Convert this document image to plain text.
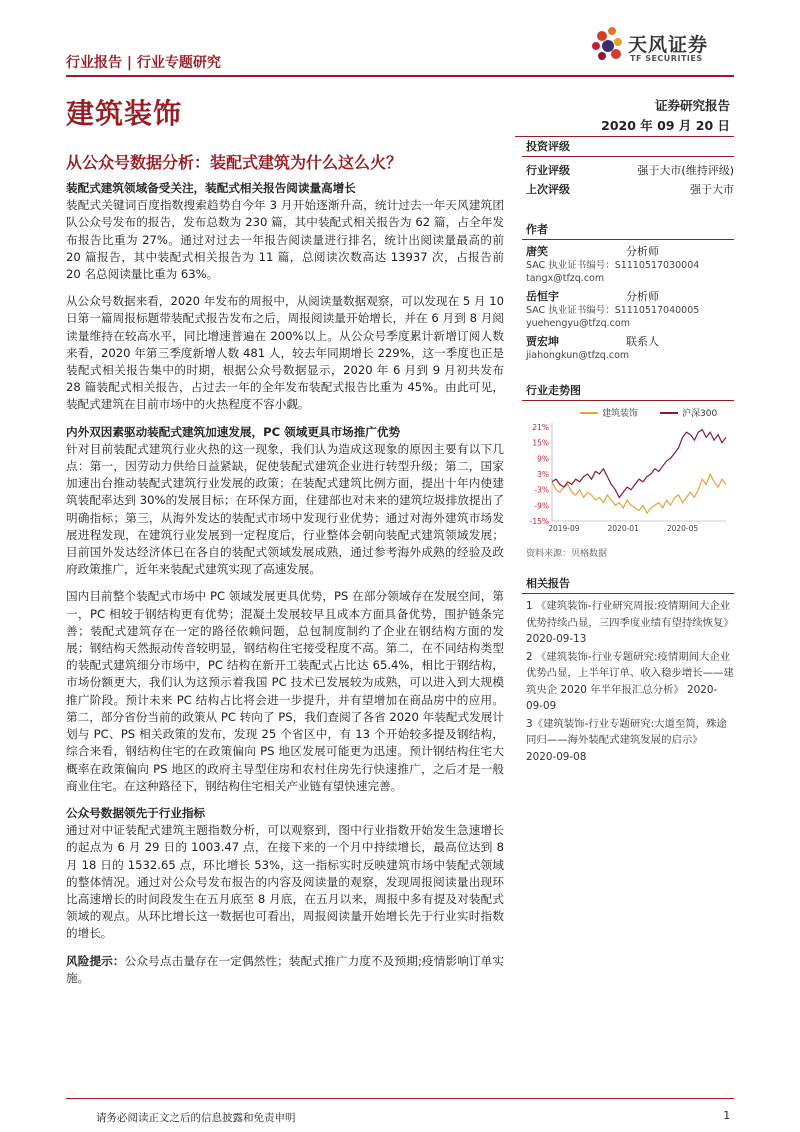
行业报告 | 行业专题研究
天风证券
TF SECURITIES
建筑装饰	证券研究报告
2020 年 09 月 20 日
从公众号数据分析：装配式建筑为什么这么火？
装配式建筑领域备受关注，装配式相关报告阅读量高增长

装配式关键词百度指数搜索趋势自今年 3 月开始逐渐升高，统计过去一年天风建筑团队公众号发布的报告，发布总数为 230 篇，其中装配式相关报告为 62 篇，占全年发布报告比重为 27%。通过对过去一年报告阅读量进行排名，统计出阅读量最高的前 20 篇报告，其中装配式相关报告为 11 篇，总阅读次数高达 13937 次，占报告前 20 名总阅读量比重为 63%。

从公众号数据来看，2020 年发布的周报中，从阅读量数据观察，可以发现在 5 月 10 日第一篇周报标题带装配式报告发布之后，周报阅读量开始增长，并在 6 月到 8 月阅读量维持在较高水平，同比增速普遍在 200%以上。从公众号季度累计新增订阅人数来看，2020 年第三季度新增人数 481 人，较去年同期增长 229%，这一季度也正是装配式相关报告集中的时期，根据公众号数据显示，2020 年 6 月到 9 月初共发布 28 篇装配式相关报告，占过去一年的全年发布装配式报告比重为 45%。由此可见，装配式建筑在目前市场中的火热程度不容小觑。

内外双因素驱动装配式建筑加速发展，PC 领域更具市场推广优势

针对目前装配式建筑行业火热的这一现象，我们认为造成这现象的原因主要有以下几点：第一，因劳动力供给日益紧缺，促使装配式建筑企业进行转型升级；第二，国家加速出台推动装配式建筑行业发展的政策；在装配式建筑比例方面，提出十年内使建筑装配率达到 30%的发展目标；在环保方面，住建部也对未来的建筑垃圾排放提出了明确指标；第三，从海外发达的装配式市场中发现行业优势；通过对海外建筑市场发展进程发现，在建筑行业发展到一定程度后，行业整体会朝向装配式建筑领域发展；目前国外发达经济体已在各自的装配式领域发展成熟，通过参考海外成熟的经验及政府政策推广，近年来装配式建筑实现了高速发展。

国内目前整个装配式市场中 PC 领域发展更具优势，PS 在部分领域存在发展空间，第一，PC 相较于钢结构更有优势；混凝土发展较早且成本方面具备优势，围护链条完善；装配式建筑存在一定的路径依赖问题，总包制度制约了企业在钢结构方面的发展；钢结构天然振动传音较明显，钢结构住宅接受程度不高。第二，在不同结构类型的装配式建筑细分市场中，PC 结构在新开工装配式占比达 65.4%，相比于钢结构，市场份额更大，我们认为这预示着我国 PC 技术已发展较为成熟，可以进入到大规模推广阶段。预计未来 PC 结构占比将会进一步提升，并有望增加在商品房中的应用。第二，部分省份当前的政策从 PC 转向了 PS，我们查阅了各省 2020 年装配式发展计划与 PC、PS 相关政策的发布，发现 25 个省区中，有 13 个开始较多提及钢结构，综合来看，钢结构住宅的在政策偏向 PS 地区发展可能更为迅速。预计钢结构住宅大概率在政策偏向 PS 地区的政府主导型住房和农村住房先行快速推广，之后才是一般商业住宅。在这种路径下，钢结构住宅相关产业链有望快速完善。

公众号数据领先于行业指标

通过对中证装配式建筑主题指数分析，可以观察到，图中行业指数开始发生急速增长的起点为 6 月 29 日的 1003.47 点，在接下来的一个月中持续增长，最高位达到 8 月 18 日的 1532.65 点，环比增长 53%，这一指标实时反映建筑市场中装配式领域的整体情况。通过对公众号发布报告的内容及阅读量的观察，发现周报阅读量出现环比高速增长的时间段发生在五月底至 8 月底，在五月以来，周报中多有提及对装配式领域的观点。从环比增长这一数据也可看出，周报阅读量开始增长先于行业实时指数的增长。

风险提示：公众号点击量存在一定偶然性；装配式推广力度不及预期;疫情影响订单实施。

投资评级
行业评级	强于大市(维持评级)
上次评级	强于大市
作者
唐笑	分析师
SAC 执业证书编号：S1110517030004
tangx@tfzq.com
岳恒宇	分析师
SAC 执业证书编号：S1110517040005
yuehengyu@tfzq.com
贾宏坤	联系人
jiahongkun@tfzq.com
行业走势图
建筑装饰	沪深300
21%
15%
9%
3%
-3%
-9%
-15%
2019-09	2020-01	2020-05
资料来源：贝格数据
相关报告
1 《建筑装饰-行业研究周报:疫情期间大企业优势持续凸显，三四季度业绩有望持续恢复》 2020-09-13
2 《建筑装饰-行业专题研究:疫情期间大企业优势凸显，上半年订单、收入稳步增长——建筑央企 2020 年半年报汇总分析》 2020-09-09
3《建筑装饰-行业专题研究:大道至简，殊途同归——海外装配式建筑发展的启示》 2020-09-08
请务必阅读正文之后的信息披露和免责申明	1
